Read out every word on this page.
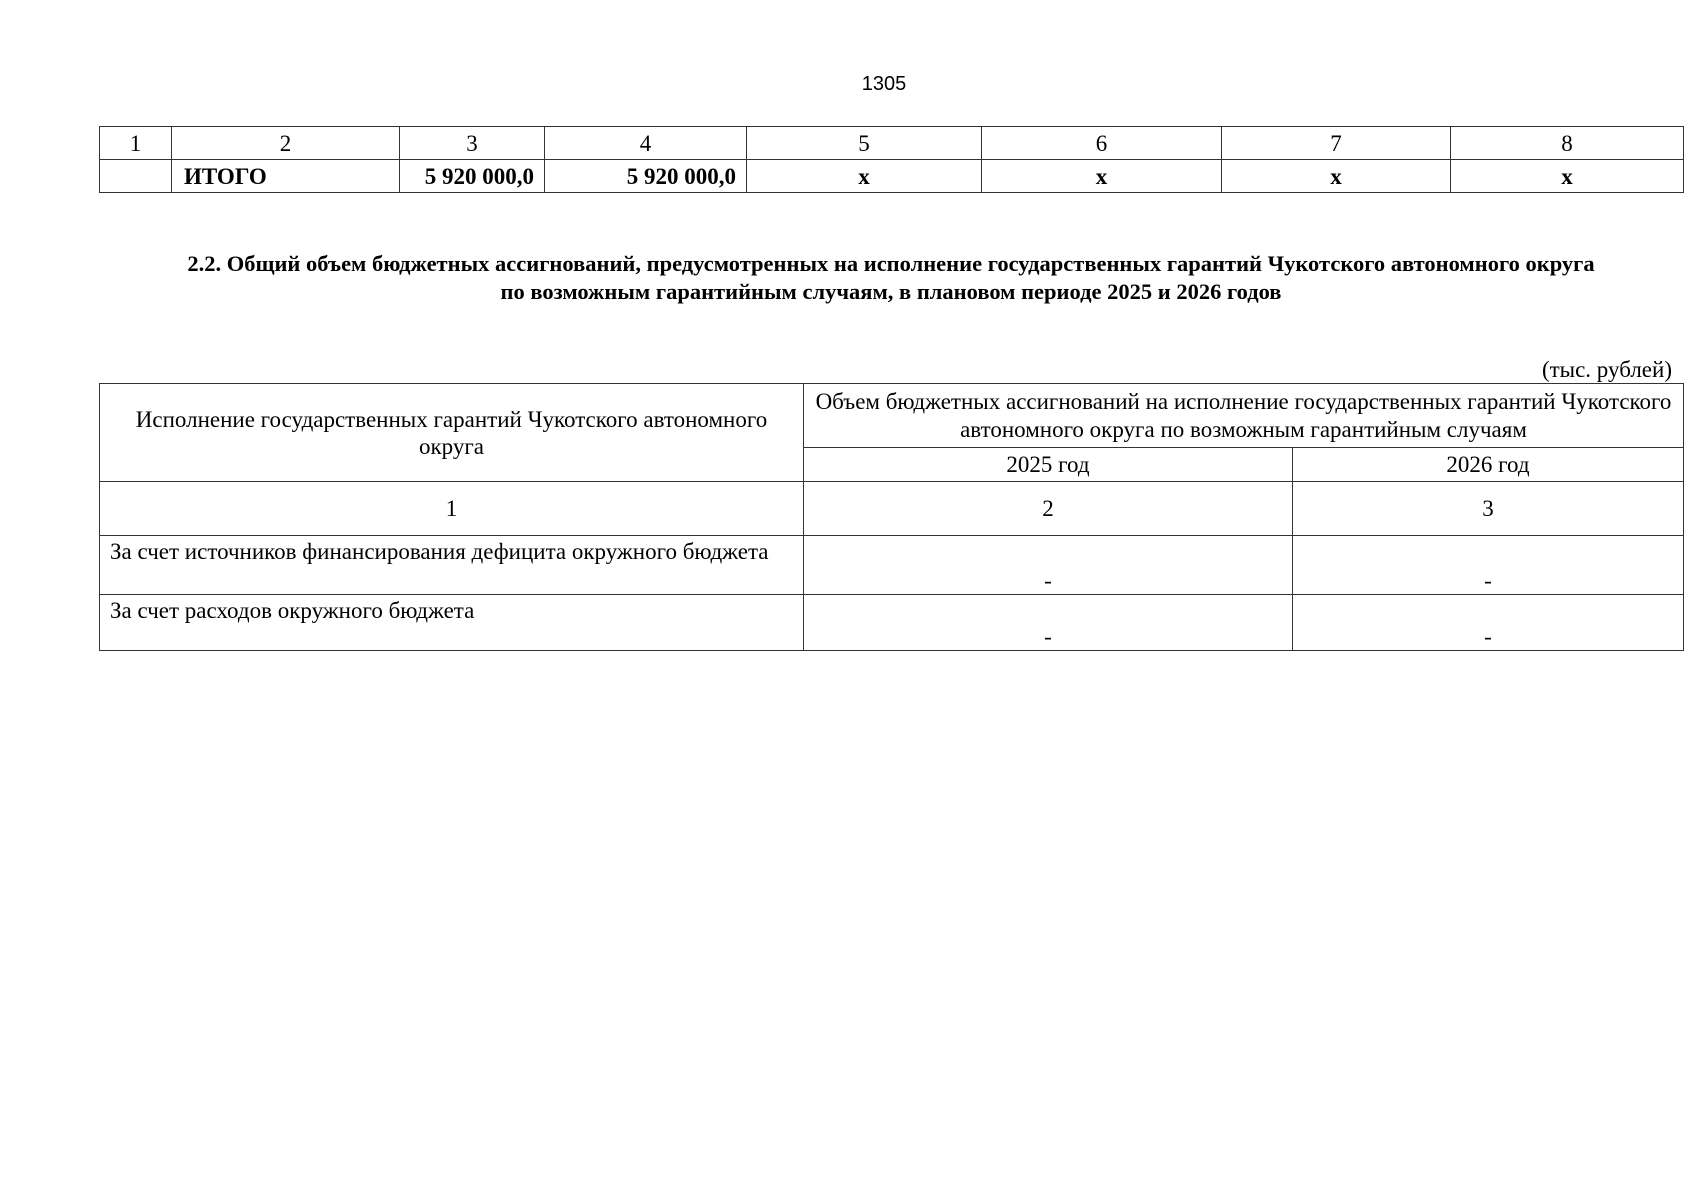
1305
1	2	3	4	5	6	7	8
	ИТОГО	5 920 000,0	5 920 000,0	х	х	х	х
2.2. Общий объем бюджетных ассигнований, предусмотренных на исполнение государственных гарантий Чукотского автономного округа
по возможным гарантийным случаям, в плановом периоде 2025 и 2026 годов
(тыс. рублей)
Исполнение государственных гарантий Чукотского автономного округа	Объем бюджетных ассигнований на исполнение государственных гарантий Чукотского автономного округа по возможным гарантийным случаям	
	2025 год	2026 год
1	2	3
За счет источников финансирования дефицита окружного бюджета	-	-
За счет расходов окружного бюджета	-	-
